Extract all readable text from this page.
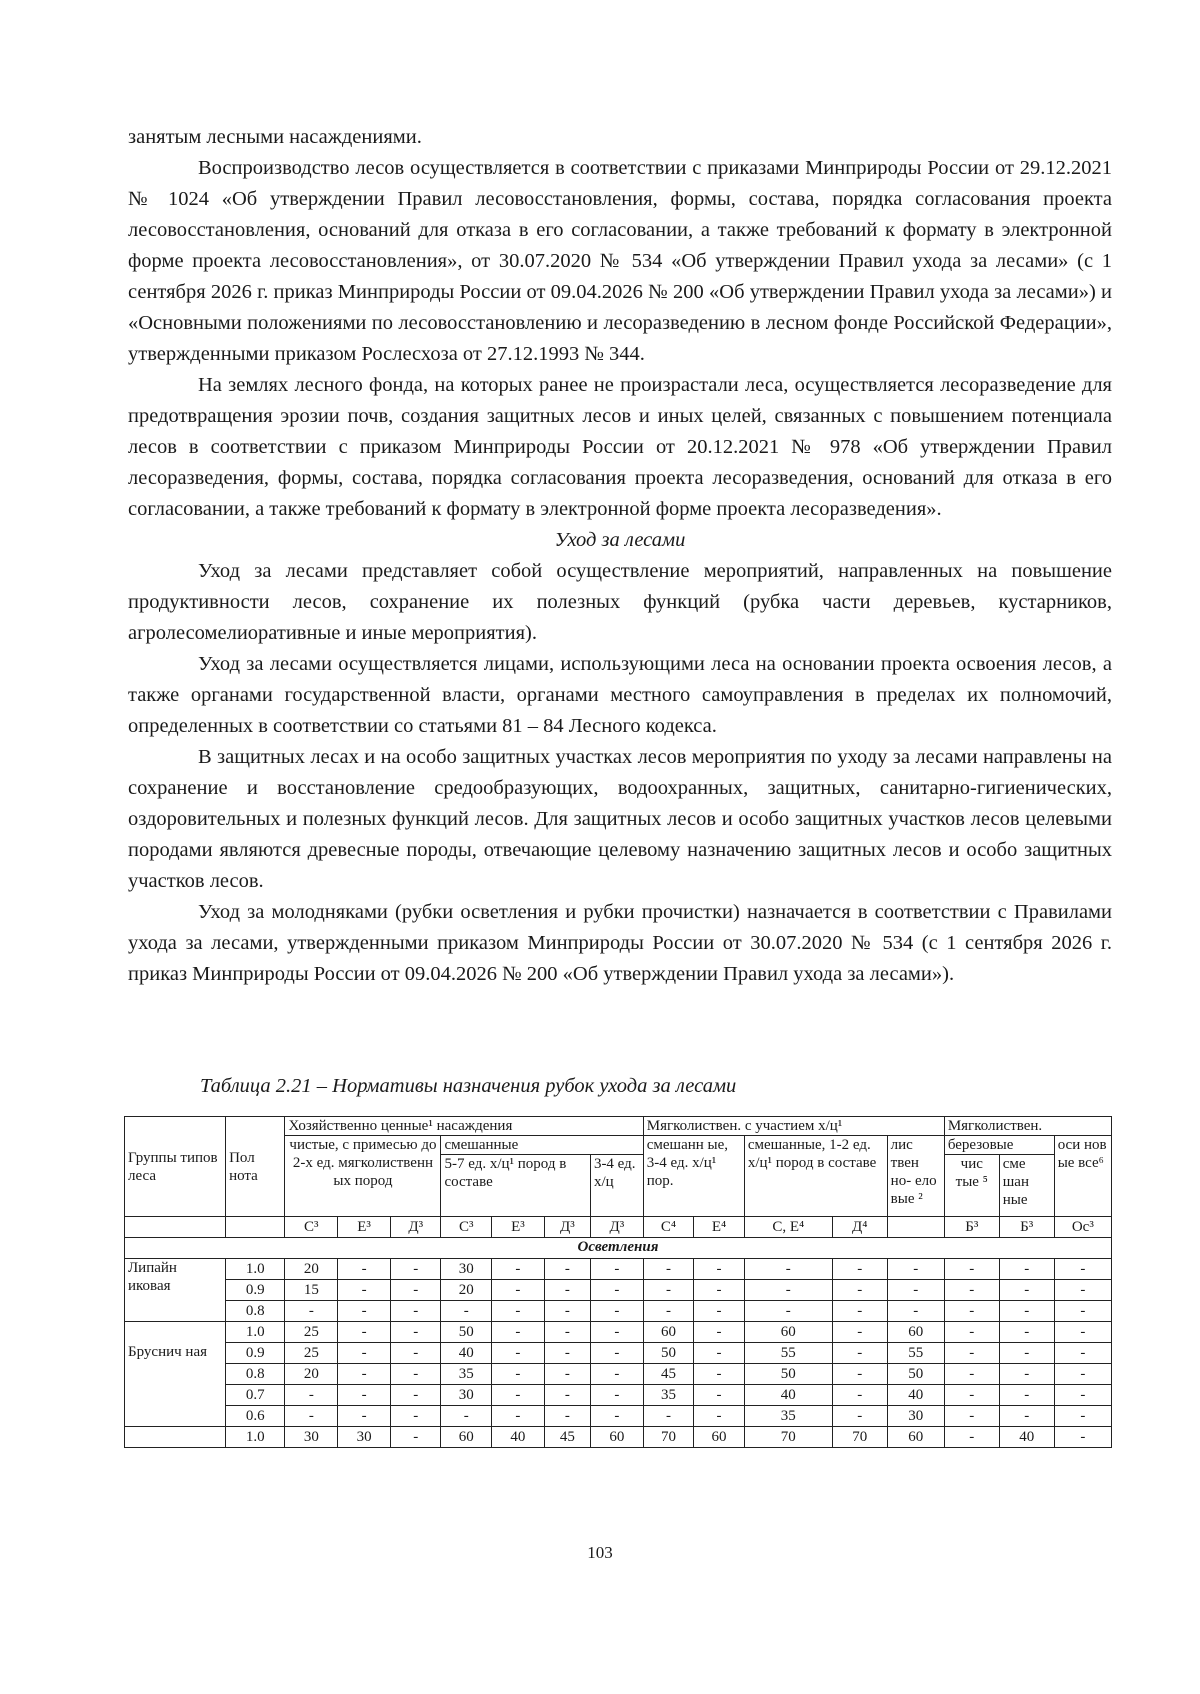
занятым лесными насаждениями.

Воспроизводство лесов осуществляется в соответствии с приказами Минприроды России от 29.12.2021 № 1024 «Об утверждении Правил лесовосстановления, формы, состава, порядка согласования проекта лесовосстановления, оснований для отказа в его согласовании, а также требований к формату в электронной форме проекта лесовосстановления», от 30.07.2020 № 534 «Об утверждении Правил ухода за лесами» (с 1 сентября 2026 г. приказ Минприроды России от 09.04.2026 № 200 «Об утверждении Правил ухода за лесами») и «Основными положениями по лесовосстановлению и лесоразведению в лесном фонде Российской Федерации», утвержденными приказом Рослесхоза от 27.12.1993 № 344.

На землях лесного фонда, на которых ранее не произрастали леса, осуществляется лесоразведение для предотвращения эрозии почв, создания защитных лесов и иных целей, связанных с повышением потенциала лесов в соответствии с приказом Минприроды России от 20.12.2021 № 978 «Об утверждении Правил лесоразведения, формы, состава, порядка согласования проекта лесоразведения, оснований для отказа в его согласовании, а также требований к формату в электронной форме проекта лесоразведения».

Уход за лесами

Уход за лесами представляет собой осуществление мероприятий, направленных на повышение продуктивности лесов, сохранение их полезных функций (рубка части деревьев, кустарников, агролесомелиоративные и иные мероприятия).

Уход за лесами осуществляется лицами, использующими леса на основании проекта освоения лесов, а также органами государственной власти, органами местного самоуправления в пределах их полномочий, определенных в соответствии со статьями 81 – 84 Лесного кодекса.

В защитных лесах и на особо защитных участках лесов мероприятия по уходу за лесами направлены на сохранение и восстановление средообразующих, водоохранных, защитных, санитарно-гигиенических, оздоровительных и полезных функций лесов. Для защитных лесов и особо защитных участков лесов целевыми породами являются древесные породы, отвечающие целевому назначению защитных лесов и особо защитных участков лесов.

Уход за молодняками (рубки осветления и рубки прочистки) назначается в соответствии с Правилами ухода за лесами, утвержденными приказом Минприроды России от 30.07.2020 № 534 (с 1 сентября 2026 г. приказ Минприроды России от 09.04.2026 № 200 «Об утверждении Правил ухода за лесами»).

Таблица 2.21 – Нормативы назначения рубок ухода за лесами
Группы типов леса	Пол нота	Хозяйственно ценные¹ насаждения							Мягколиствен. с участием х/ц¹					Мягколиствен.		
		чистые, с примесью до 2-х ед. мягколиственн ых пород			смешанные				смешанн ые, 3-4 ед. х/ц¹ пор.		смешанные, 1-2 ед. х/ц¹ пород в составе		лис твен но- ело вые ²	березовые		оси нов ые все⁶
					5-7 ед. х/ц¹ пород в составе			3-4 ед. х/ц						чис тые ⁵	сме шан ные	

		С³	Е³	Д³	С³	Е³	Д³	Д³	С⁴	Е⁴	С, Е⁴	Д⁴		Б³	Б³	Ос³
Осветления																
Липайн иковая	1.0	20	-	-	30	-	-	-	-	-	-	-	-	-	-	-
	0.9	15	-	-	20	-	-	-	-	-	-	-	-	-	-	-
	0.8	-	-	-	-	-	-	-	-	-	-	-	-	-	-	-
	1.0	25	-	-	50	-	-	-	60	-	60	-	60	-	-	-
Бруснич ная	0.9	25	-	-	40	-	-	-	50	-	55	-	55	-	-	-
	0.8	20	-	-	35	-	-	-	45	-	50	-	50	-	-	-
	0.7	-	-	-	30	-	-	-	35	-	40	-	40	-	-	-
	0.6	-	-	-	-	-	-	-	-	-	35	-	30	-	-	-
	1.0	30	30	-	60	40	45	60	70	60	70	70	60	-	40	-
103
